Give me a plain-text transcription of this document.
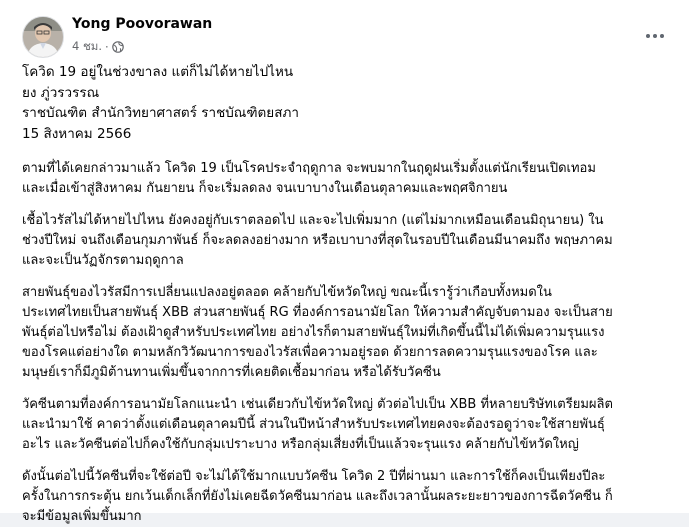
Yong Poovorawan
4 ชม. ·

โควิด 19 อยู่ในช่วงขาลง แต่ก็ไม่ได้หายไปไหน

ยง ภู่วรวรรณ

ราชบัณฑิต สำนักวิทยาศาสตร์ ราชบัณฑิตยสภา

15 สิงหาคม 2566

ตามที่ได้เคยกล่าวมาแล้ว โควิด 19 เป็นโรคประจำฤดูกาล จะพบมากในฤดูฝนเริ่มตั้งแต่นักเรียนเปิดเทอม
และเมื่อเข้าสู่สิงหาคม กันยายน ก็จะเริ่มลดลง จนเบาบางในเดือนตุลาคมและพฤศจิกายน

เชื้อไวรัสไม่ได้หายไปไหน ยังคงอยู่กับเราตลอดไป และจะไปเพิ่มมาก (แต่ไม่มากเหมือนเดือนมิถุนายน) ใน
ช่วงปีใหม่ จนถึงเดือนกุมภาพันธ์ ก็จะลดลงอย่างมาก หรือเบาบางที่สุดในรอบปีในเดือนมีนาคมถึง พฤษภาคม
และจะเป็นวัฏจักรตามฤดูกาล

สายพันธุ์ของไวรัสมีการเปลี่ยนแปลงอยู่ตลอด คล้ายกับไข้หวัดใหญ่ ขณะนี้เรารู้ว่าเกือบทั้งหมดใน
ประเทศไทยเป็นสายพันธุ์ XBB ส่วนสายพันธุ์ RG ที่องค์การอนามัยโลก ให้ความสำคัญจับตามอง จะเป็นสาย
พันธุ์ต่อไปหรือไม่ ต้องเฝ้าดูสำหรับประเทศไทย อย่างไรก็ตามสายพันธุ์ใหม่ที่เกิดขึ้นนี้ไม่ได้เพิ่มความรุนแรง
ของโรคแต่อย่างใด ตามหลักวิวัฒนาการของไวรัสเพื่อความอยู่รอด ด้วยการลดความรุนแรงของโรค และ
มนุษย์เราก็มีภูมิต้านทานเพิ่มขึ้นจากการที่เคยติดเชื้อมาก่อน หรือได้รับวัคซีน

วัคซีนตามที่องค์การอนามัยโลกแนะนำ เช่นเดียวกับไข้หวัดใหญ่ ตัวต่อไปเป็น XBB ที่หลายบริษัทเตรียมผลิต
และนำมาใช้ คาดว่าตั้งแต่เดือนตุลาคมปีนี้ ส่วนในปีหน้าสำหรับประเทศไทยคงจะต้องรอดูว่าจะใช้สายพันธุ์
อะไร และวัคซีนต่อไปก็คงใช้กับกลุ่มเปราะบาง หรือกลุ่มเสี่ยงที่เป็นแล้วจะรุนแรง คล้ายกับไข้หวัดใหญ่

ดังนั้นต่อไปนี้วัคซีนที่จะใช้ต่อปี จะไม่ได้ใช้มากแบบวัคซีน โควิด 2 ปีที่ผ่านมา และการใช้ก็คงเป็นเพียงปีละ
ครั้งในการกระตุ้น ยกเว้นเด็กเล็กที่ยังไม่เคยฉีดวัคซีนมาก่อน และถึงเวลานั้นผลระยะยาวของการฉีดวัคซีน ก็
จะมีข้อมูลเพิ่มขึ้นมาก
